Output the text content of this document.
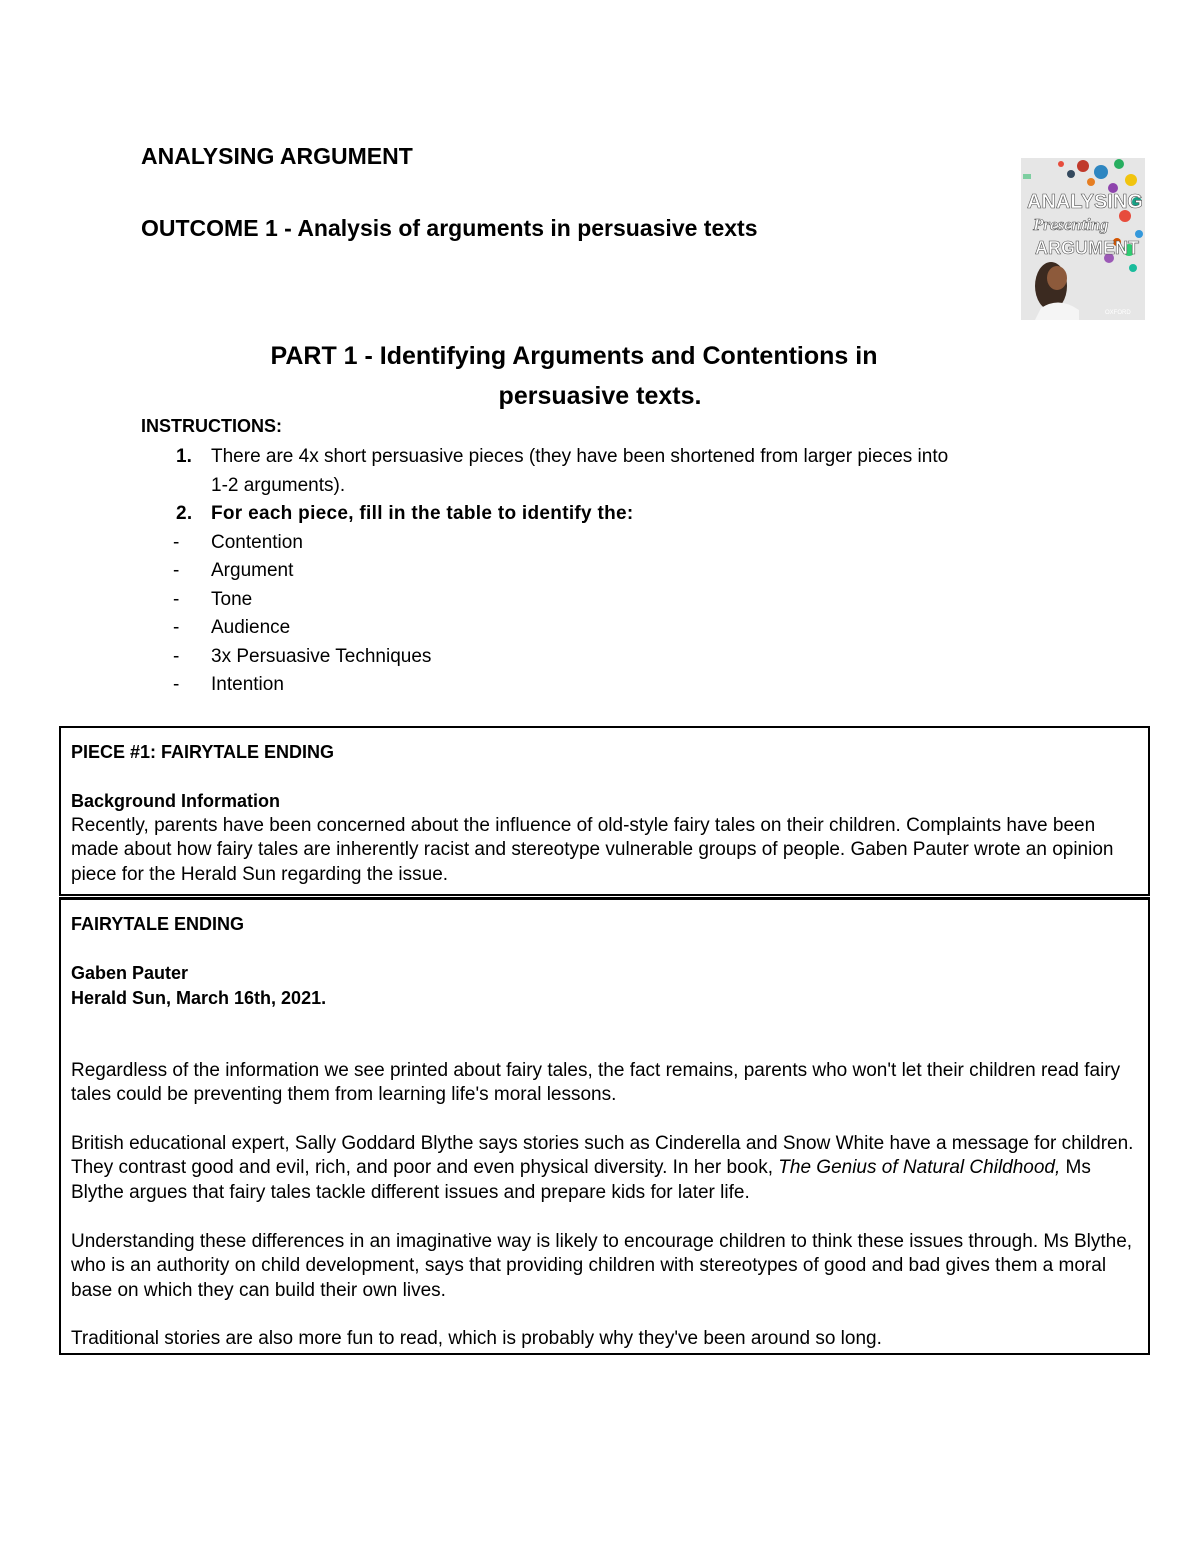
ANALYSING ARGUMENT
OUTCOME 1 - Analysis of arguments in persuasive texts
ANALYSING
Presenting
ARGUMENT
OXFORD
PART 1 - Identifying Arguments and Contentions in
persuasive texts.
INSTRUCTIONS:
1. There are 4x short persuasive pieces (they have been shortened from larger pieces into
1-2 arguments).
2. For each piece, fill in the table to identify the:
- Contention
- Argument
- Tone
- Audience
- 3x Persuasive Techniques
- Intention
PIECE #1: FAIRYTALE ENDING
Background Information
Recently, parents have been concerned about the influence of old-style fairy tales on their children. Complaints have been made about how fairy tales are inherently racist and stereotype vulnerable groups of people. Gaben Pauter wrote an opinion piece for the Herald Sun regarding the issue.
FAIRYTALE ENDING
Gaben Pauter
Herald Sun, March 16th, 2021.

Regardless of the information we see printed about fairy tales, the fact remains, parents who won't let their children read fairy tales could be preventing them from learning life's moral lessons.

British educational expert, Sally Goddard Blythe says stories such as Cinderella and Snow White have a message for children. They contrast good and evil, rich, and poor and even physical diversity. In her book, The Genius of Natural Childhood, Ms Blythe argues that fairy tales tackle different issues and prepare kids for later life.

Understanding these differences in an imaginative way is likely to encourage children to think these issues through. Ms Blythe, who is an authority on child development, says that providing children with stereotypes of good and bad gives them a moral base on which they can build their own lives.

Traditional stories are also more fun to read, which is probably why they've been around so long.
